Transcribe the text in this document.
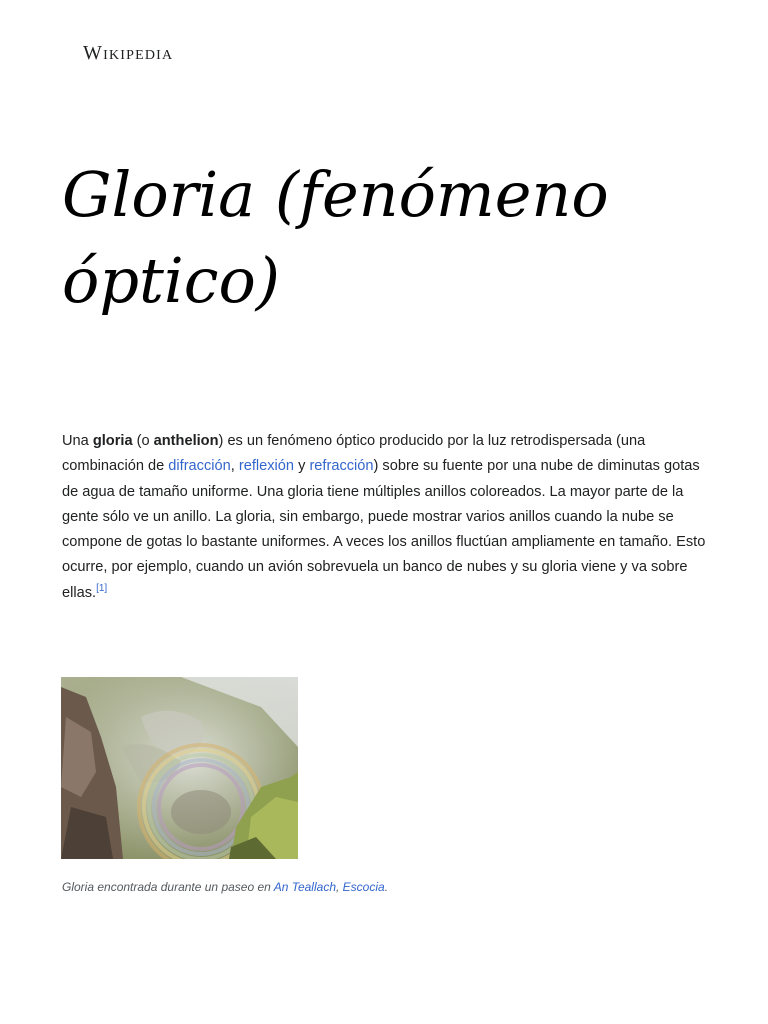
Wikipedia
Gloria (fenómeno óptico)

Una gloria (o anthelion) es un fenómeno óptico producido por la luz retrodispersada (una combinación de difracción, reflexión y refracción) sobre su fuente por una nube de diminutas gotas de agua de tamaño uniforme. Una gloria tiene múltiples anillos coloreados. La mayor parte de la gente sólo ve un anillo. La gloria, sin embargo, puede mostrar varios anillos cuando la nube se compone de gotas lo bastante uniformes. A veces los anillos fluctúan ampliamente en tamaño. Esto ocurre, por ejemplo, cuando un avión sobrevuela un banco de nubes y su gloria viene y va sobre ellas.[1]

Gloria encontrada durante un paseo en An Teallach, Escocia.
